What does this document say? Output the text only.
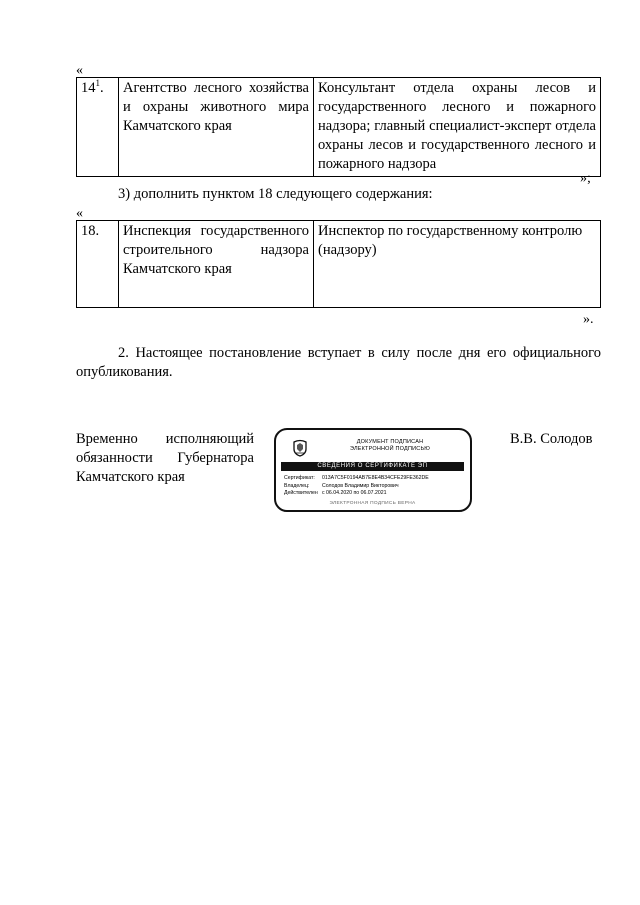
«
$14^1$.	Агентство лесного хозяйства и охраны животного мира Камчатского края	Консультант отдела охраны лесов и государственного лесного и пожарного надзора; главный специалист-эксперт отдела охраны лесов и государственного лесного и пожарного надзора
»;
3) дополнить пунктом 18 следующего содержания:
«
18.	Инспекция государственного строительного надзора Камчатского края	Инспектор по государственному контролю (надзору)
».
2. Настоящее постановление вступает в силу после дня его официального опубликования.
Временно исполняющий
обязанности Губернатора
Камчатского края
В.В. Солодов
ДОКУМЕНТ ПОДПИСАН
ЭЛЕКТРОННОЙ ПОДПИСЬЮ
СВЕДЕНИЯ О СЕРТИФИКАТЕ ЭП
Сертификат:	013A7C5F0194AB7E8E4B34CFE29FE362DE
Владелец:	Солодов Владимир Викторович
Действителен с 06.04.2020 по 06.07.2021
ЭЛЕКТРОННАЯ ПОДПИСЬ ВЕРНА
